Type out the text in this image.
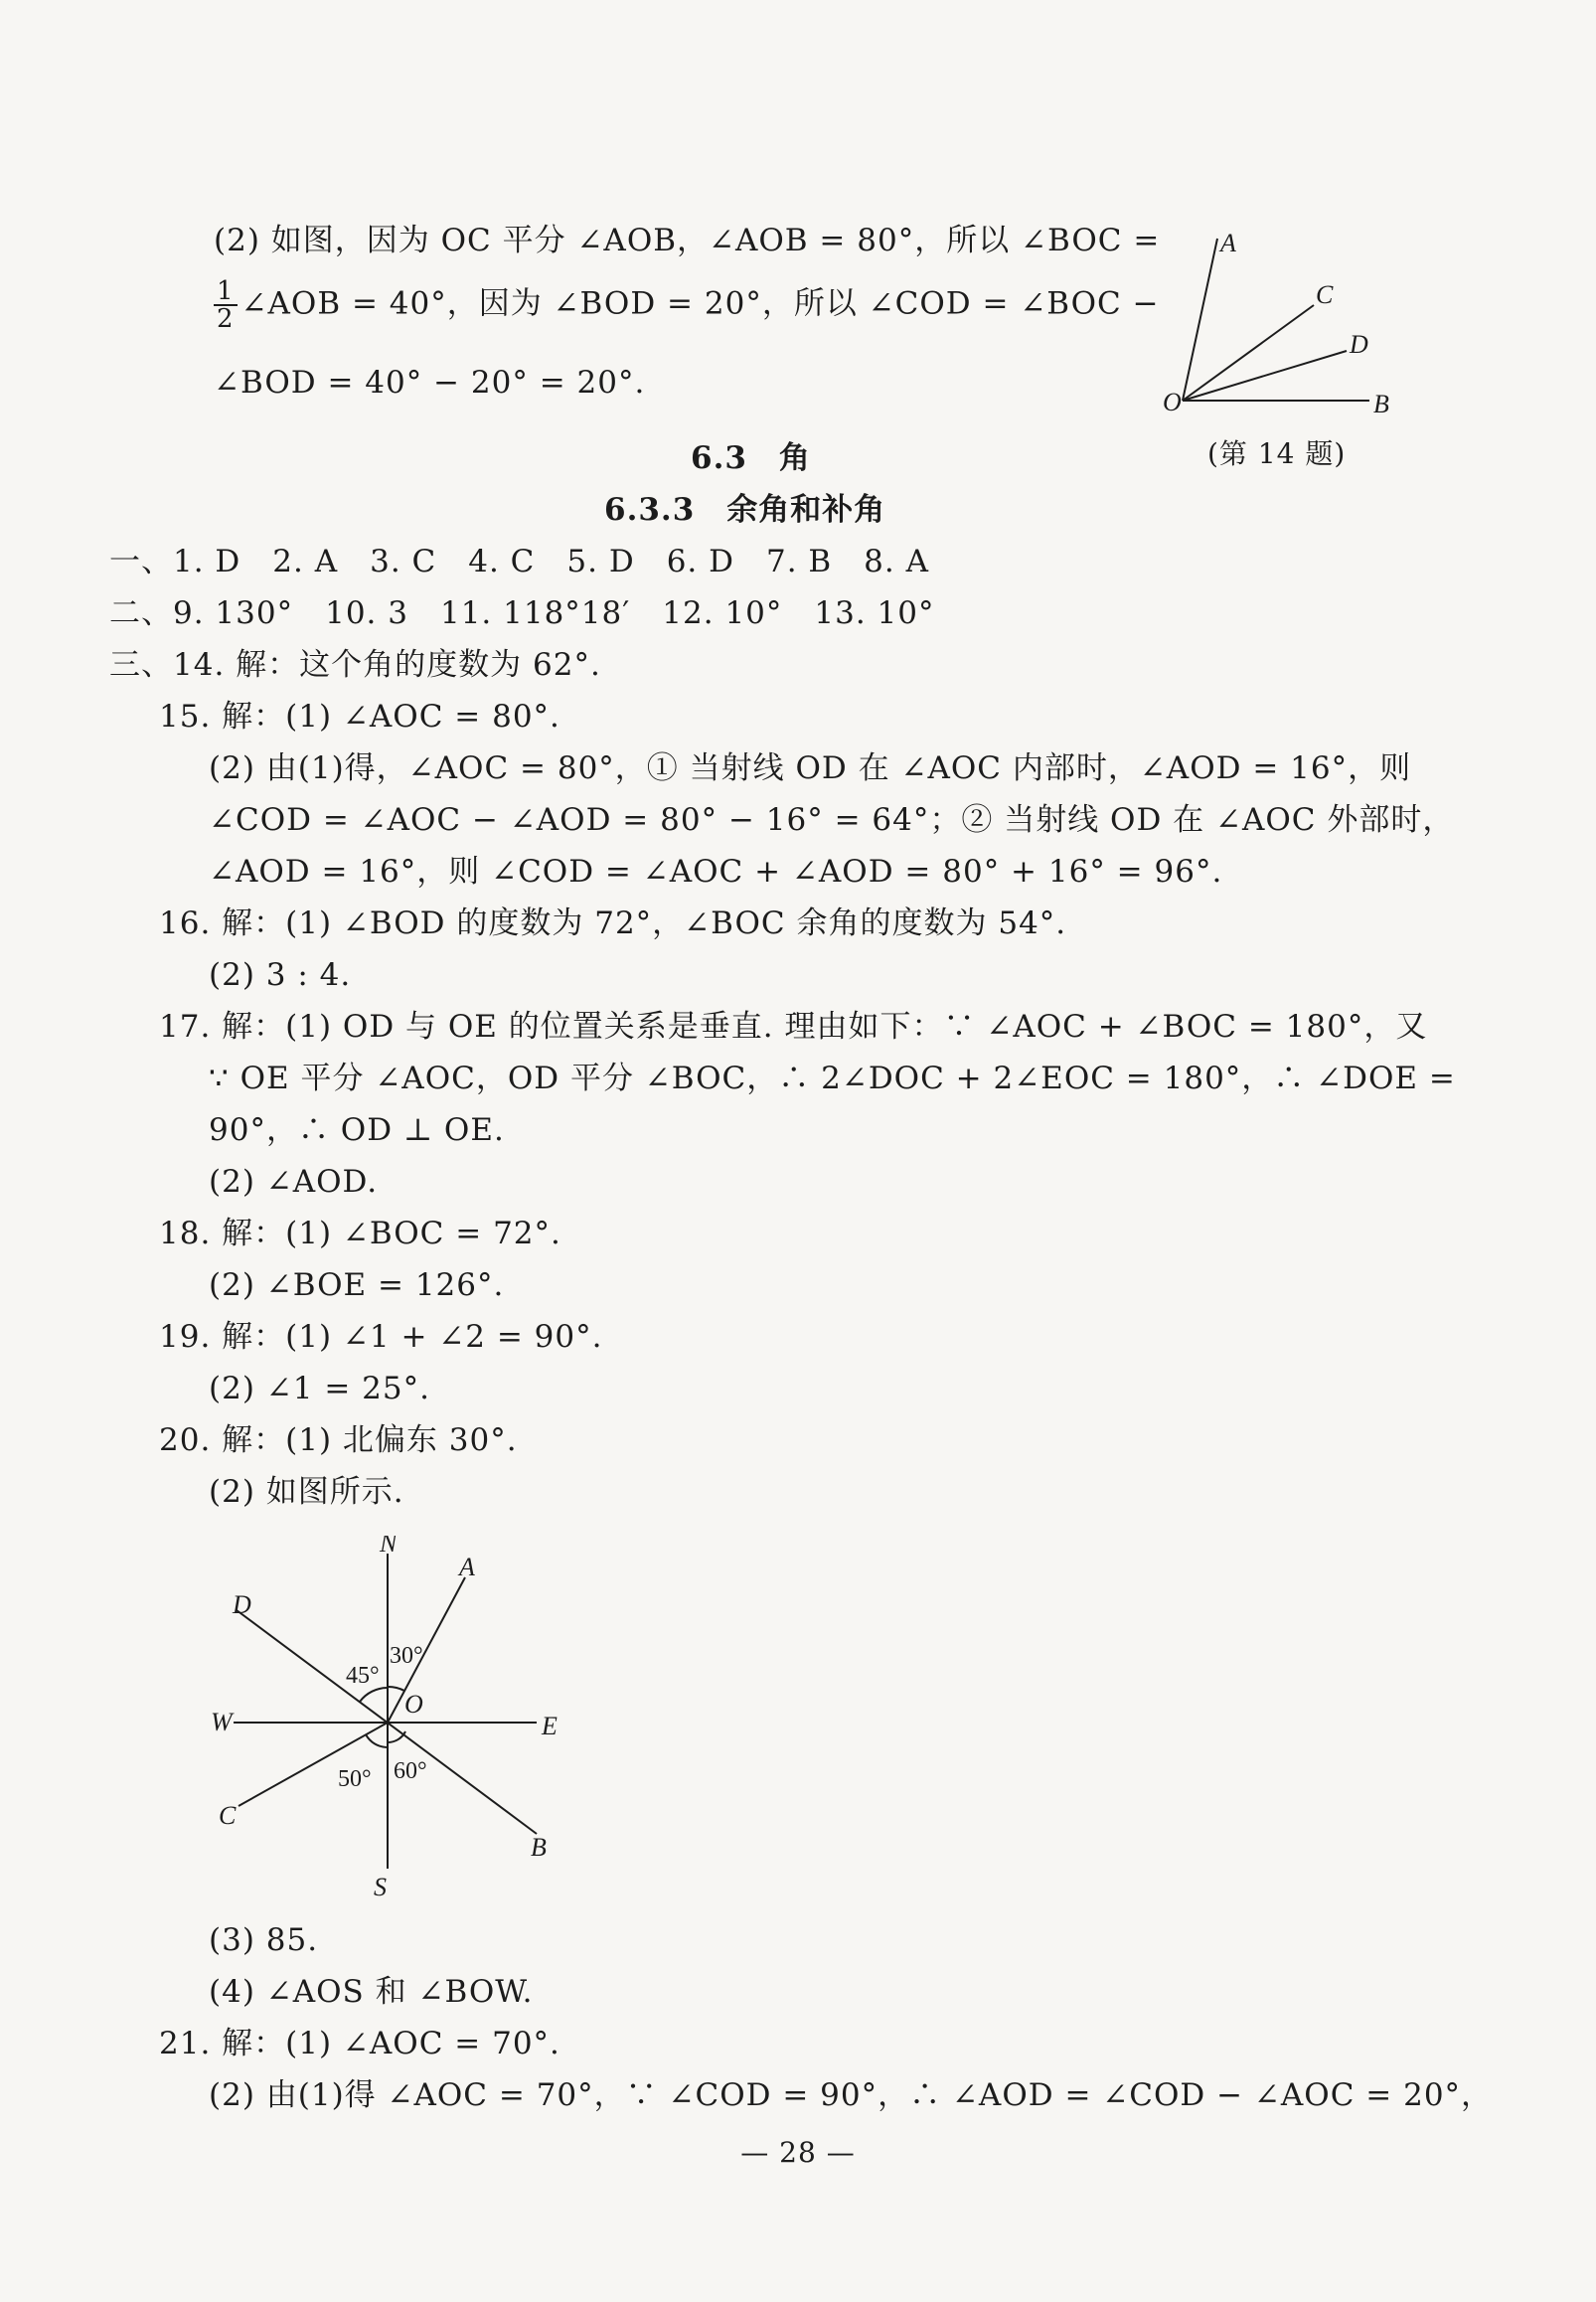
(2) 如图，因为 OC 平分 ∠AOB，∠AOB = 80°，所以 ∠BOC =
$\frac{1}{2}$ ∠AOB = 40°，因为 ∠BOD = 20°，所以 ∠COD = ∠BOC −
∠BOD = 40° − 20° = 20°.
A
C
D
O	B
(第 14 题)
6.3　角
6.3.3　余角和补角
一、1. D　2. A　3. C　4. C　5. D　6. D　7. B　8. A
二、9. 130°　10. 3　11. 118°18′　12. 10°　13. 10°
三、14. 解：这个角的度数为 62°.
15. 解：(1) ∠AOC = 80°.
(2) 由(1)得，∠AOC = 80°，① 当射线 OD 在 ∠AOC 内部时，∠AOD = 16°，则
∠COD = ∠AOC − ∠AOD = 80° − 16° = 64°；② 当射线 OD 在 ∠AOC 外部时，
∠AOD = 16°，则 ∠COD = ∠AOC + ∠AOD = 80° + 16° = 96°.
16. 解：(1) ∠BOD 的度数为 72°，∠BOC 余角的度数为 54°.
(2) 3 : 4.
17. 解：(1) OD 与 OE 的位置关系是垂直. 理由如下：∵ ∠AOC + ∠BOC = 180°，又
∵ OE 平分 ∠AOC，OD 平分 ∠BOC，∴ 2∠DOC + 2∠EOC = 180°，∴ ∠DOE =
90°，∴ OD ⊥ OE.
(2) ∠AOD.
18. 解：(1) ∠BOC = 72°.
(2) ∠BOE = 126°.
19. 解：(1) ∠1 + ∠2 = 90°.
(2) ∠1 = 25°.
20. 解：(1) 北偏东 30°.
(2) 如图所示.
N
A
D
W
O
E
C
B
S
45°
30°
50° 60°
(3) 85.
(4) ∠AOS 和 ∠BOW.
21. 解：(1) ∠AOC = 70°.
(2) 由(1)得 ∠AOC = 70°，∵ ∠COD = 90°，∴ ∠AOD = ∠COD − ∠AOC = 20°，
— 28 —
